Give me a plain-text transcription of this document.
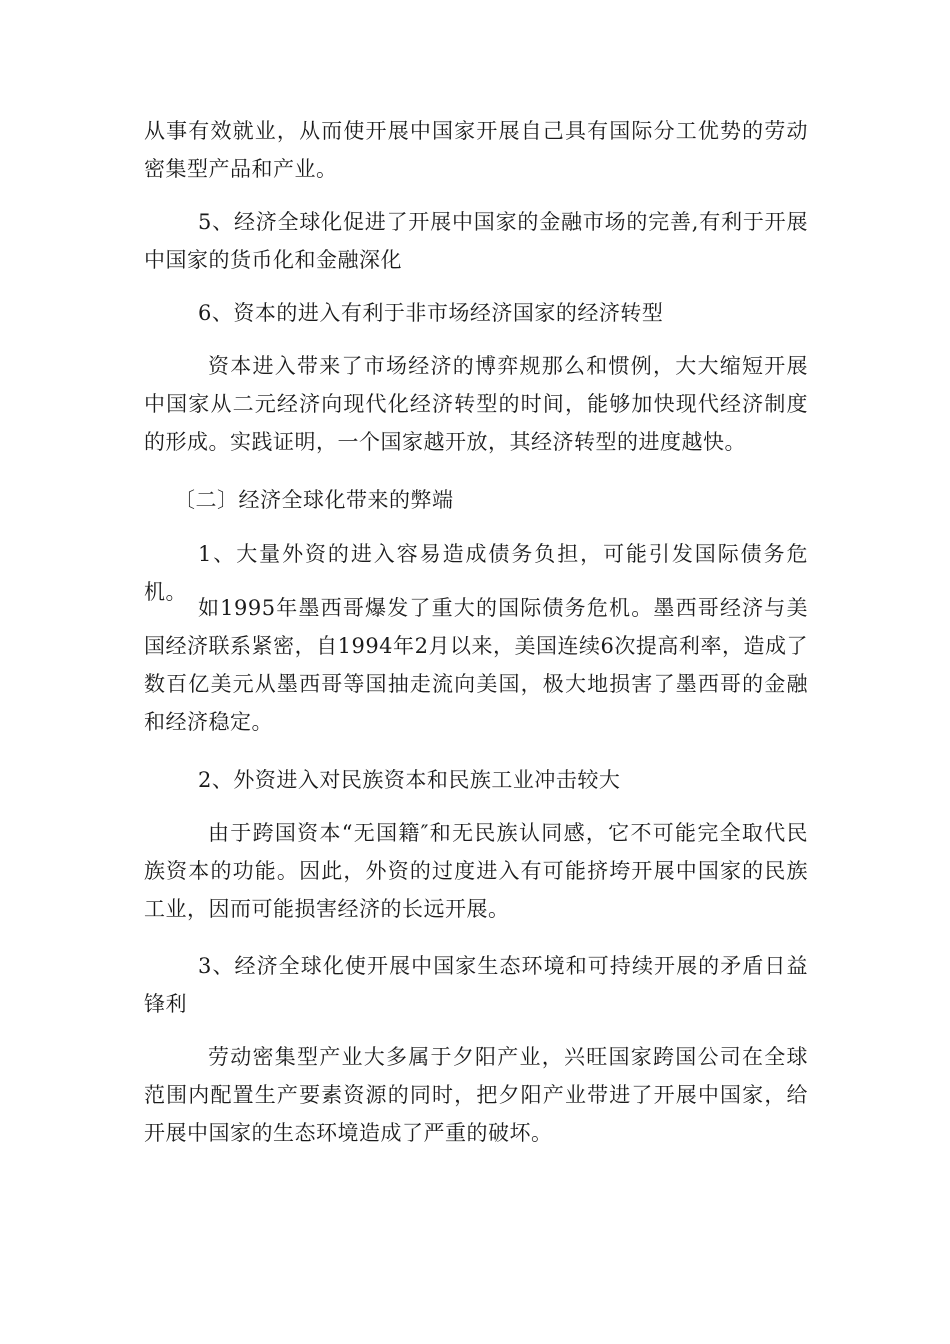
从事有效就业，从而使开展中国家开展自己具有国际分工优势的劳动密集型产品和产业。

5、经济全球化促进了开展中国家的金融市场的完善,有利于开展中国家的货币化和金融深化

6、资本的进入有利于非市场经济国家的经济转型

资本进入带来了市场经济的博弈规那么和惯例，大大缩短开展中国家从二元经济向现代化经济转型的时间，能够加快现代经济制度的形成。实践证明，一个国家越开放，其经济转型的进度越快。

〔二〕经济全球化带来的弊端

1、大量外资的进入容易造成债务负担，可能引发国际债务危机。

如1995年墨西哥爆发了重大的国际债务危机。墨西哥经济与美国经济联系紧密，自1994年2月以来，美国连续6次提高利率，造成了数百亿美元从墨西哥等国抽走流向美国，极大地损害了墨西哥的金融和经济稳定。

2、外资进入对民族资本和民族工业冲击较大

由于跨国资本“无国籍″和无民族认同感，它不可能完全取代民族资本的功能。因此，外资的过度进入有可能挤垮开展中国家的民族工业，因而可能损害经济的长远开展。

3、经济全球化使开展中国家生态环境和可持续开展的矛盾日益锋利

劳动密集型产业大多属于夕阳产业，兴旺国家跨国公司在全球范围内配置生产要素资源的同时，把夕阳产业带进了开展中国家，给开展中国家的生态环境造成了严重的破坏。
